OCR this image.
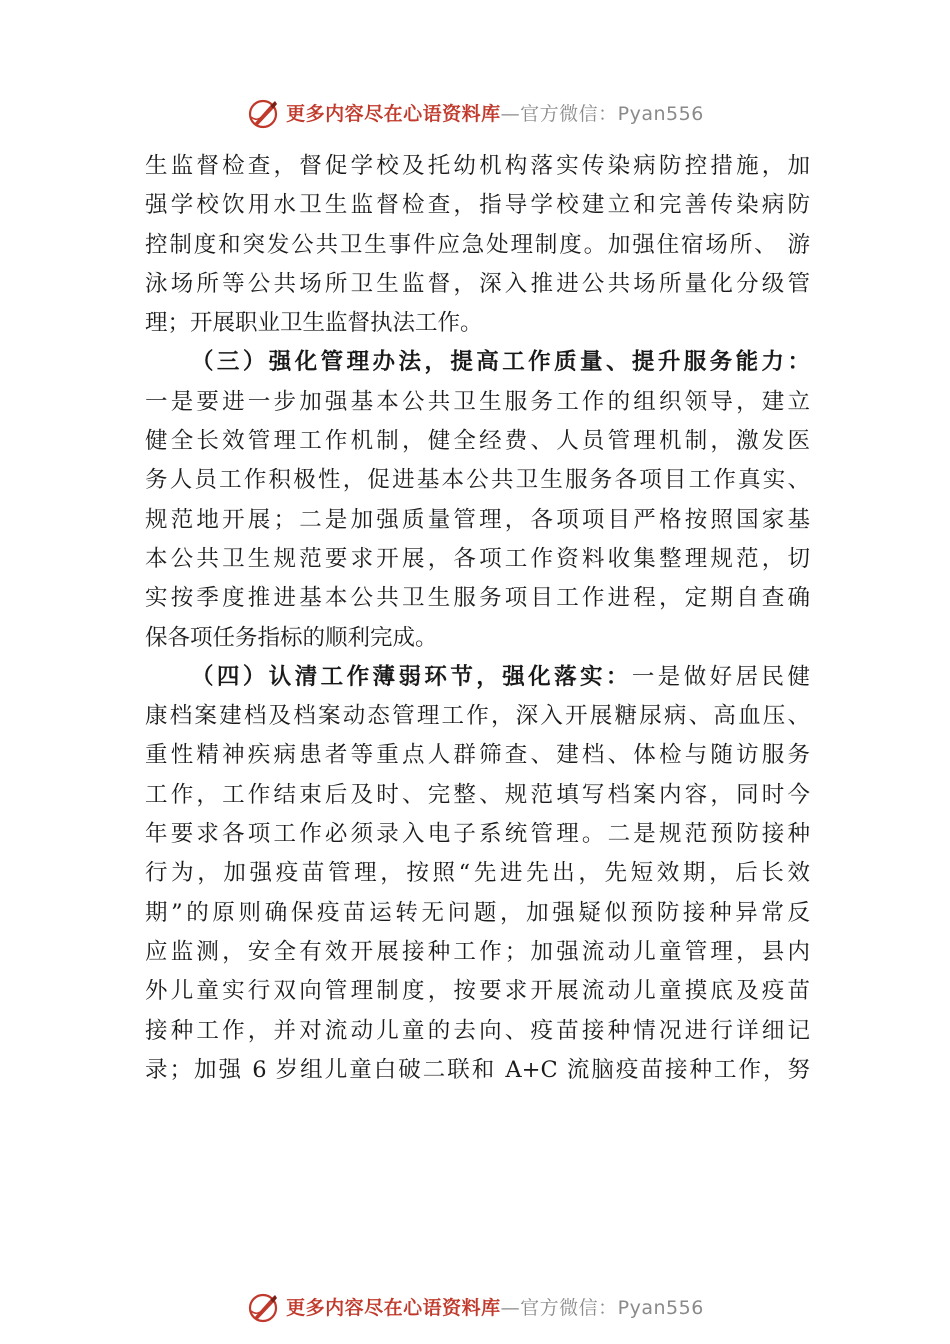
更多内容尽在心语资料库—官方微信：Pyan556
生监督检查，督促学校及托幼机构落实传染病防控措施，加
强学校饮用水卫生监督检查，指导学校建立和完善传染病防
控制度和突发公共卫生事件应急处理制度。加强住宿场所、 游
泳场所等公共场所卫生监督，深入推进公共场所量化分级管
理；开展职业卫生监督执法工作。
（三）强化管理办法，提高工作质量、提升服务能力：
一是要进一步加强基本公共卫生服务工作的组织领导，建立
健全长效管理工作机制，健全经费、人员管理机制，激发医
务人员工作积极性，促进基本公共卫生服务各项目工作真实、
规范地开展；二是加强质量管理，各项项目严格按照国家基
本公共卫生规范要求开展，各项工作资料收集整理规范，切
实按季度推进基本公共卫生服务项目工作进程，定期自查确
保各项任务指标的顺利完成。
（四）认清工作薄弱环节，强化落实：一是做好居民健
康档案建档及档案动态管理工作，深入开展糖尿病、高血压、
重性精神疾病患者等重点人群筛查、建档、体检与随访服务
工作，工作结束后及时、完整、规范填写档案内容，同时今
年要求各项工作必须录入电子系统管理。二是规范预防接种
行为，加强疫苗管理，按照“先进先出，先短效期，后长效
期”的原则确保疫苗运转无问题，加强疑似预防接种异常反
应监测，安全有效开展接种工作；加强流动儿童管理，县内
外儿童实行双向管理制度，按要求开展流动儿童摸底及疫苗
接种工作，并对流动儿童的去向、疫苗接种情况进行详细记
录；加强 6 岁组儿童白破二联和 A+C 流脑疫苗接种工作，努
更多内容尽在心语资料库—官方微信：Pyan556
